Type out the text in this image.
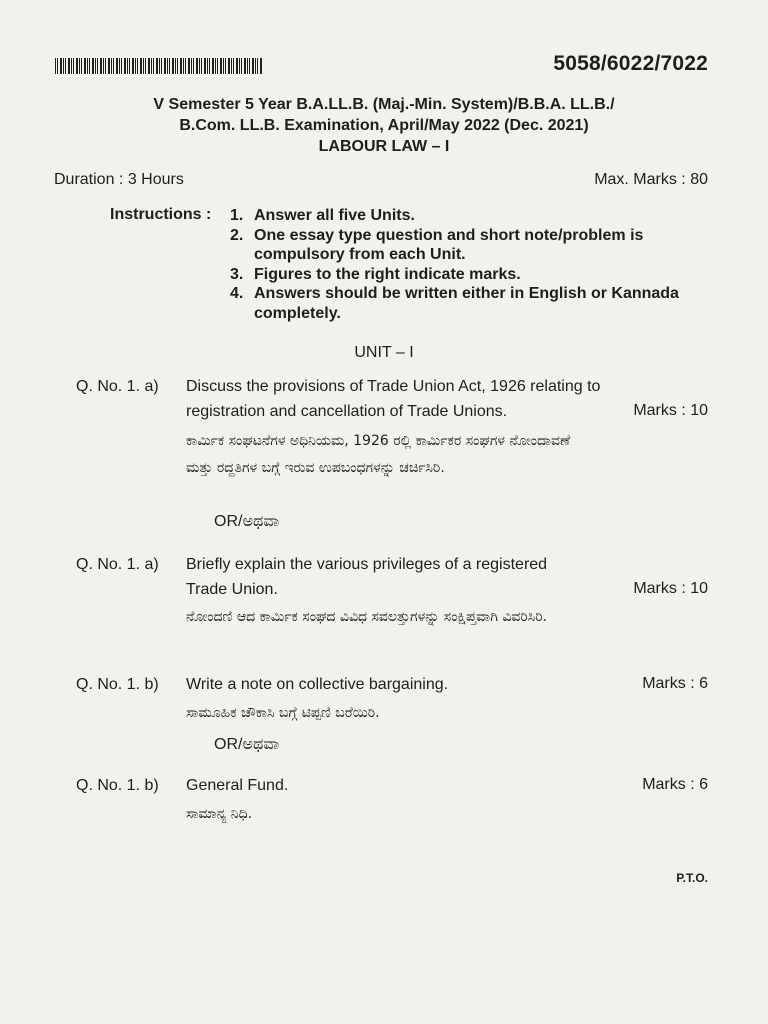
5058/6022/7022
V Semester 5 Year B.A.LL.B. (Maj.-Min. System)/B.B.A. LL.B./
B.Com. LL.B. Examination, April/May 2022 (Dec. 2021)
LABOUR LAW – I
Duration : 3 Hours	Max. Marks : 80
Instructions : 1. Answer all five Units.
2. One essay type question and short note/problem is compulsory from each Unit.
3. Figures to the right indicate marks.
4. Answers should be written either in English or Kannada completely.
UNIT – I
Q. No. 1. a) Discuss the provisions of Trade Union Act, 1926 relating to registration and cancellation of Trade Unions.	Marks : 10
ಕಾರ್ಮಿಕ ಸಂಘಟನೆಗಳ ಅಧಿನಿಯಮ, 1926 ರಲ್ಲಿ ಕಾರ್ಮಿಕರ ಸಂಘಗಳ ನೋಂದಾವಣೆ ಮತ್ತು ರದ್ದತಿಗಳ ಬಗ್ಗೆ ಇರುವ ಉಪಬಂಧಗಳನ್ನು ಚರ್ಚಿಸಿರಿ.
OR/ಅಥವಾ
Q. No. 1. a) Briefly explain the various privileges of a registered Trade Union.	Marks : 10
ನೋಂದಣಿ ಆದ ಕಾರ್ಮಿಕ ಸಂಘದ ವಿವಿಧ ಸವಲತ್ತುಗಳನ್ನು ಸಂಕ್ಷಿಪ್ತವಾಗಿ ವಿವರಿಸಿರಿ.
Q. No. 1. b) Write a note on collective bargaining.	Marks : 6
ಸಾಮೂಹಿಕ ಚೌಕಾಸಿ ಬಗ್ಗೆ ಟಿಪ್ಪಣಿ ಬರೆಯಿರಿ.
OR/ಅಥವಾ
Q. No. 1. b) General Fund.	Marks : 6
ಸಾಮಾನ್ಯ ನಿಧಿ.
P.T.O.
